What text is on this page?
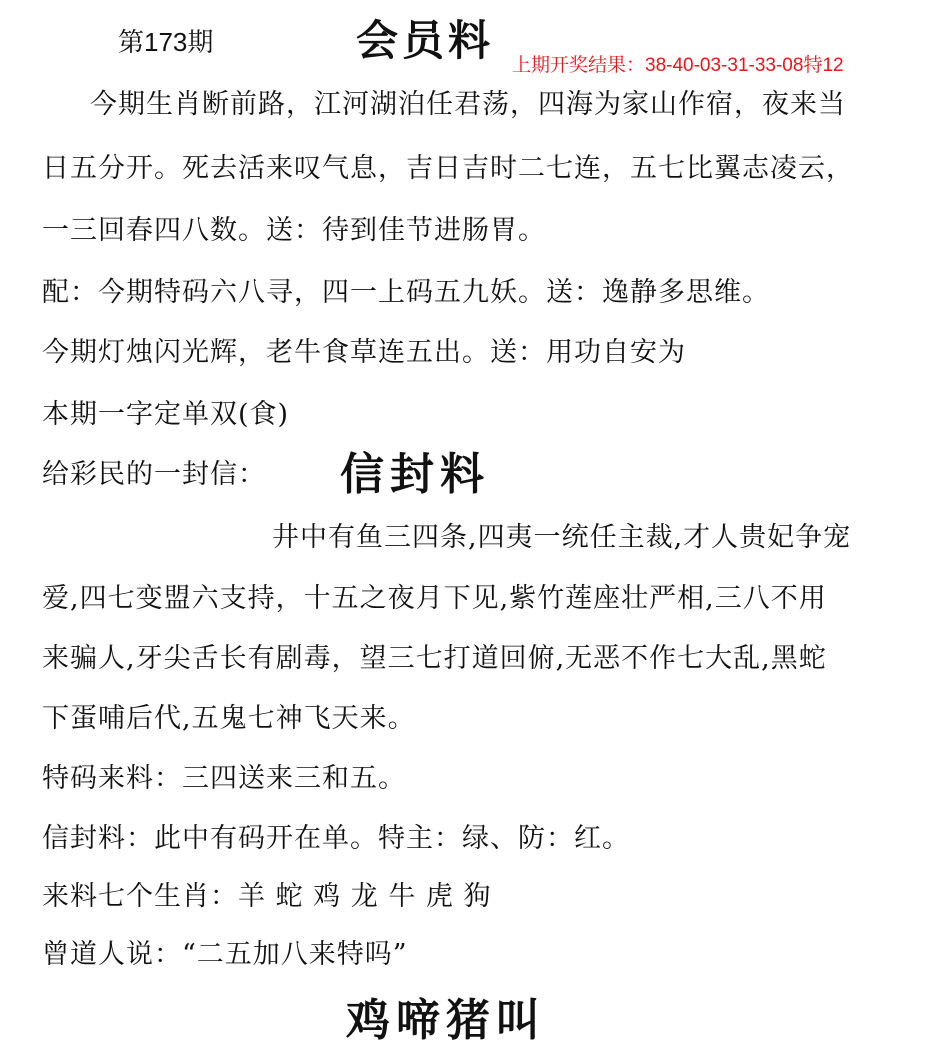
第173期	会员料
上期开奖结果：38-40-03-31-33-08特12
今期生肖断前路，江河湖泊任君荡，四海为家山作宿，夜来当
日五分开。死去活来叹气息，吉日吉时二七连，五七比翼志凌云，
一三回春四八数。送：待到佳节进肠胃。
配：今期特码六八寻，四一上码五九妖。送：逸静多思维。
今期灯烛闪光辉，老牛食草连五出。送：用功自安为
本期一字定单双(食)
给彩民的一封信： 信封料
井中有鱼三四条,四夷一统任主裁,才人贵妃争宠
爱,四七变盟六支持，十五之夜月下见,紫竹莲座壮严相,三八不用
来骗人,牙尖舌长有剧毒，望三七打道回俯,无恶不作七大乱,黑蛇
下蛋哺后代,五鬼七神飞天来。
特码来料：三四送来三和五。
信封料：此中有码开在单。特主：绿、防：红。
来料七个生肖：羊 蛇 鸡 龙 牛 虎 狗
曾道人说：“二五加八来特吗”
鸡啼猪叫
